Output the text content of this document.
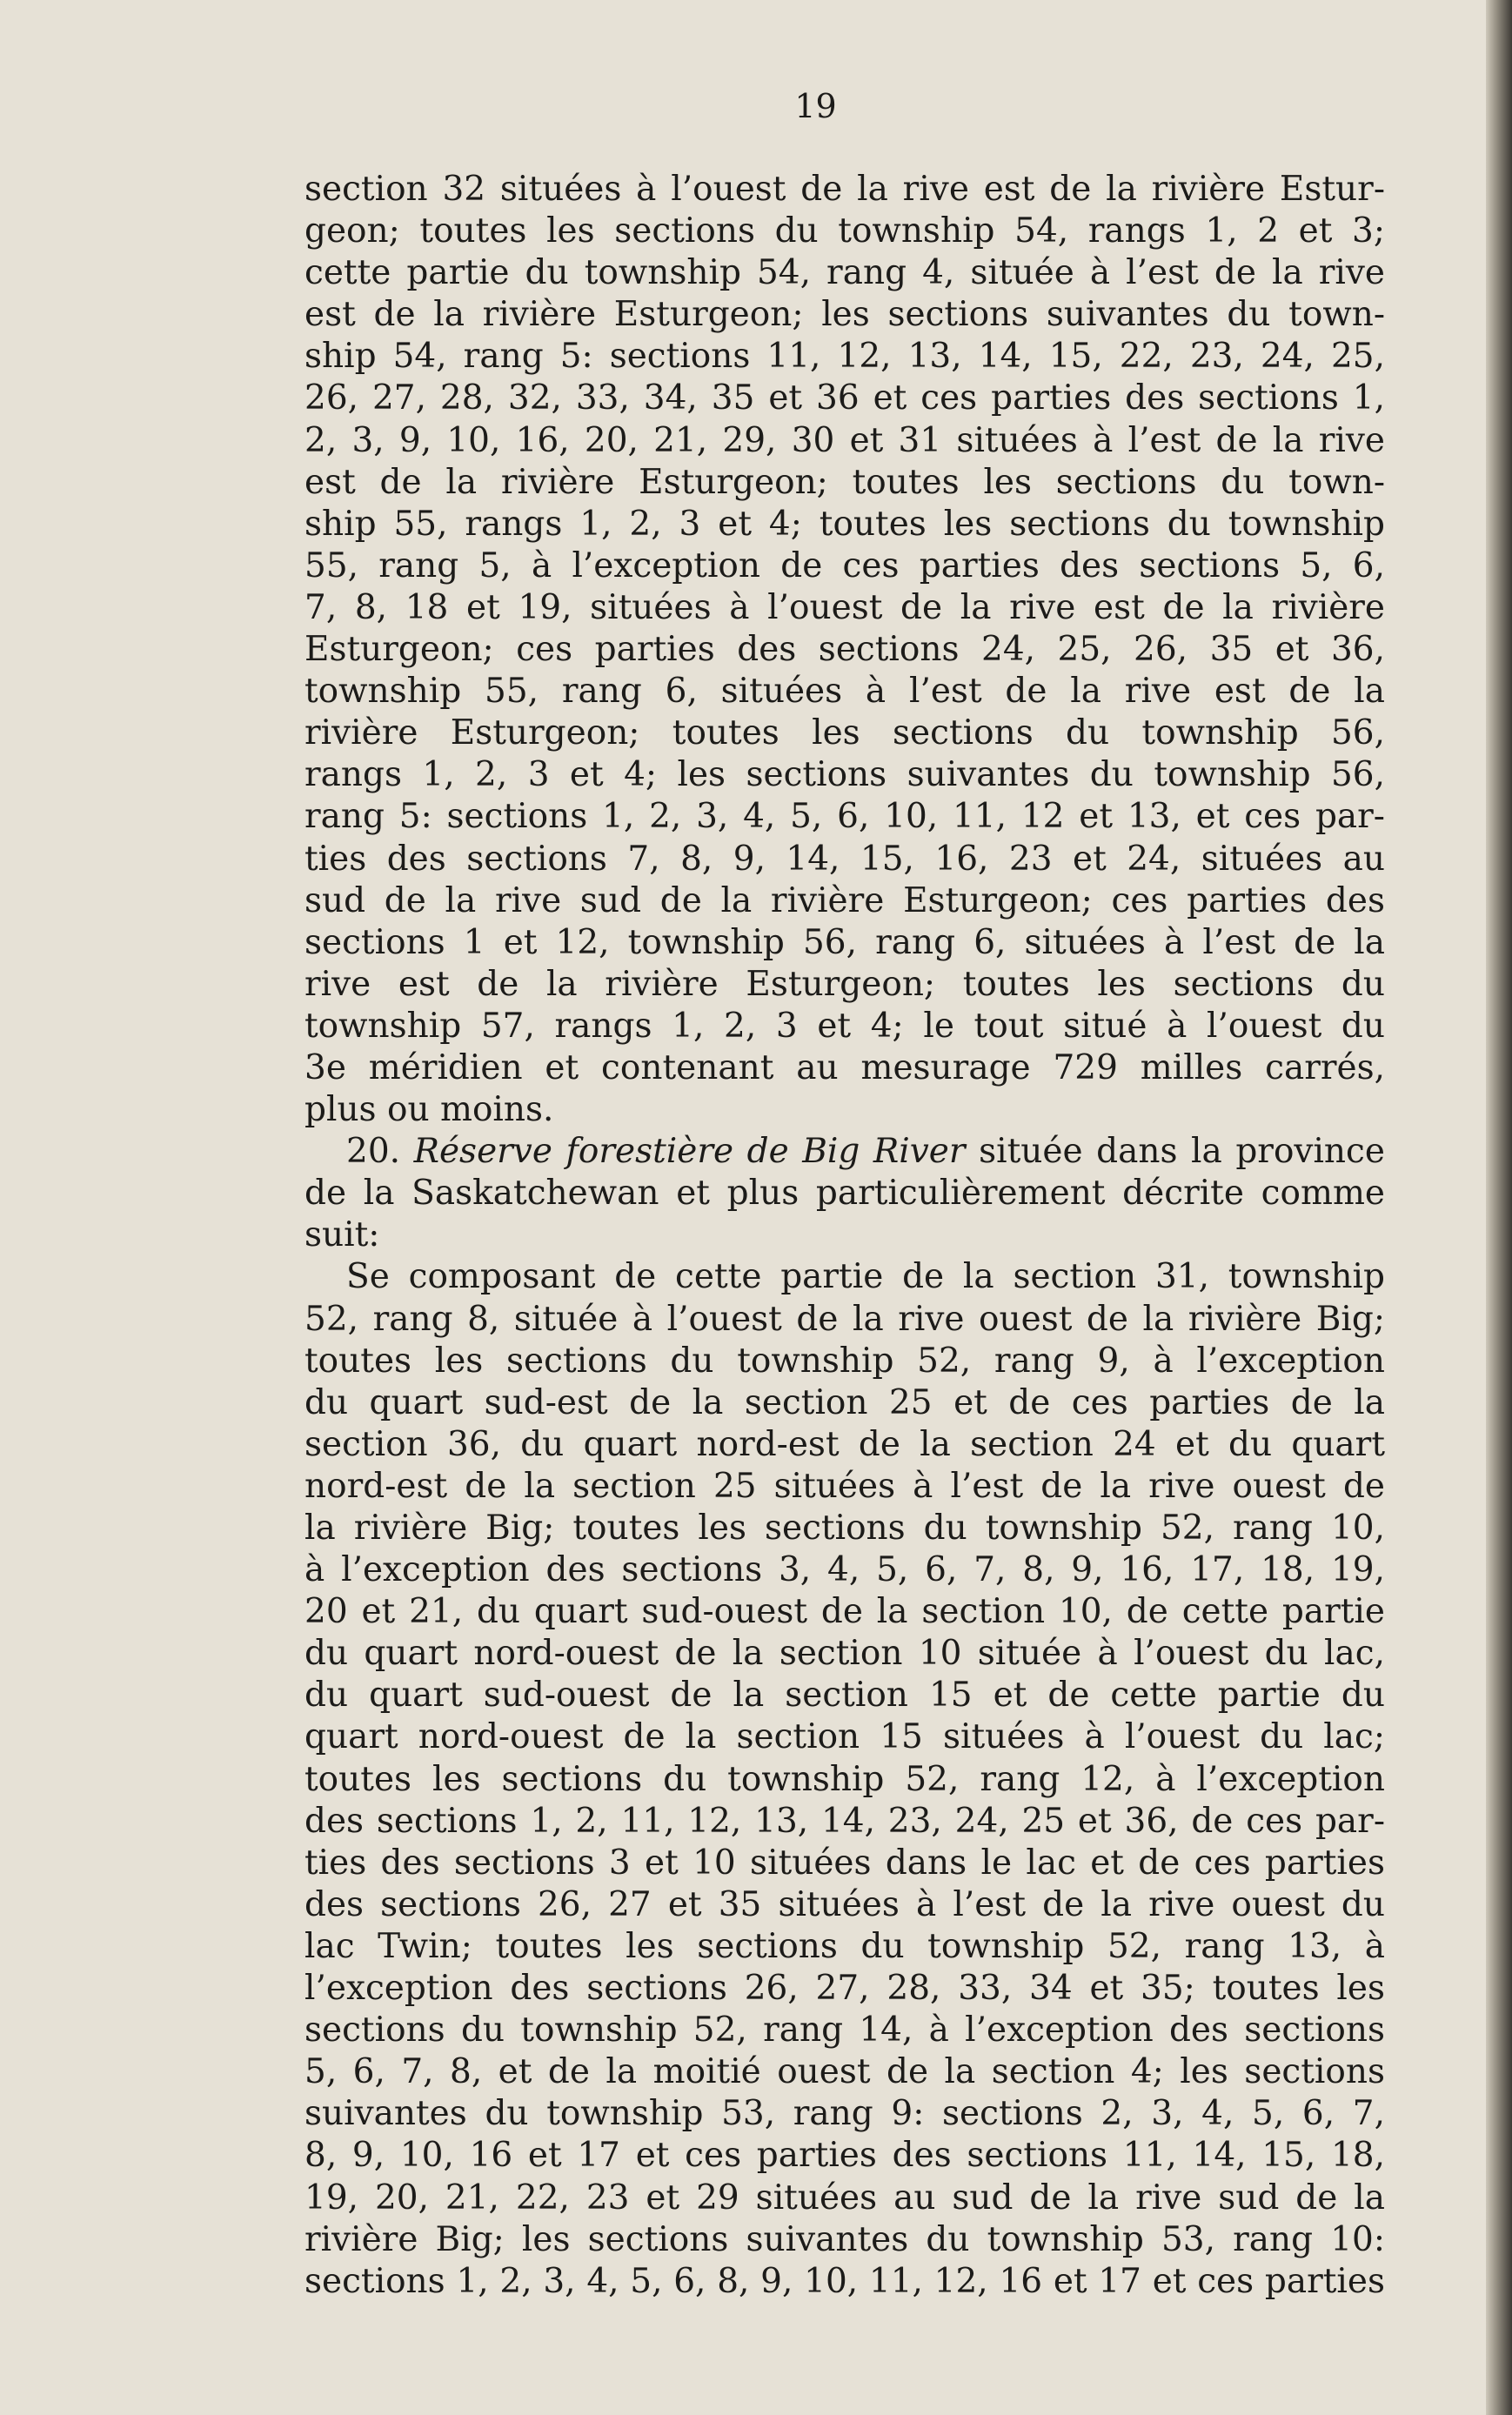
19
section 32 situées à l’ouest de la rive est de la rivière Estur-
geon; toutes les sections du township 54, rangs 1, 2 et 3;
cette partie du township 54, rang 4, située à l’est de la rive
est de la rivière Esturgeon; les sections suivantes du town-
ship 54, rang 5: sections 11, 12, 13, 14, 15, 22, 23, 24, 25,
26, 27, 28, 32, 33, 34, 35 et 36 et ces parties des sections 1,
2, 3, 9, 10, 16, 20, 21, 29, 30 et 31 situées à l’est de la rive
est de la rivière Esturgeon; toutes les sections du town-
ship 55, rangs 1, 2, 3 et 4; toutes les sections du township
55, rang 5, à l’exception de ces parties des sections 5, 6,
7, 8, 18 et 19, situées à l’ouest de la rive est de la rivière
Esturgeon; ces parties des sections 24, 25, 26, 35 et 36,
township 55, rang 6, situées à l’est de la rive est de la
rivière Esturgeon; toutes les sections du township 56,
rangs 1, 2, 3 et 4; les sections suivantes du township 56,
rang 5: sections 1, 2, 3, 4, 5, 6, 10, 11, 12 et 13, et ces par-
ties des sections 7, 8, 9, 14, 15, 16, 23 et 24, situées au
sud de la rive sud de la rivière Esturgeon; ces parties des
sections 1 et 12, township 56, rang 6, situées à l’est de la
rive est de la rivière Esturgeon; toutes les sections du
township 57, rangs 1, 2, 3 et 4; le tout situé à l’ouest du
3e méridien et contenant au mesurage 729 milles carrés,
plus ou moins.
20. Réserve forestière de Big River située dans la province
de la Saskatchewan et plus particulièrement décrite comme
suit:
Se composant de cette partie de la section 31, township
52, rang 8, située à l’ouest de la rive ouest de la rivière Big;
toutes les sections du township 52, rang 9, à l’exception
du quart sud-est de la section 25 et de ces parties de la
section 36, du quart nord-est de la section 24 et du quart
nord-est de la section 25 situées à l’est de la rive ouest de
la rivière Big; toutes les sections du township 52, rang 10,
à l’exception des sections 3, 4, 5, 6, 7, 8, 9, 16, 17, 18, 19,
20 et 21, du quart sud-ouest de la section 10, de cette partie
du quart nord-ouest de la section 10 située à l’ouest du lac,
du quart sud-ouest de la section 15 et de cette partie du
quart nord-ouest de la section 15 situées à l’ouest du lac;
toutes les sections du township 52, rang 12, à l’exception
des sections 1, 2, 11, 12, 13, 14, 23, 24, 25 et 36, de ces par-
ties des sections 3 et 10 situées dans le lac et de ces parties
des sections 26, 27 et 35 situées à l’est de la rive ouest du
lac Twin; toutes les sections du township 52, rang 13, à
l’exception des sections 26, 27, 28, 33, 34 et 35; toutes les
sections du township 52, rang 14, à l’exception des sections
5, 6, 7, 8, et de la moitié ouest de la section 4; les sections
suivantes du township 53, rang 9: sections 2, 3, 4, 5, 6, 7,
8, 9, 10, 16 et 17 et ces parties des sections 11, 14, 15, 18,
19, 20, 21, 22, 23 et 29 situées au sud de la rive sud de la
rivière Big; les sections suivantes du township 53, rang 10:
sections 1, 2, 3, 4, 5, 6, 8, 9, 10, 11, 12, 16 et 17 et ces parties
